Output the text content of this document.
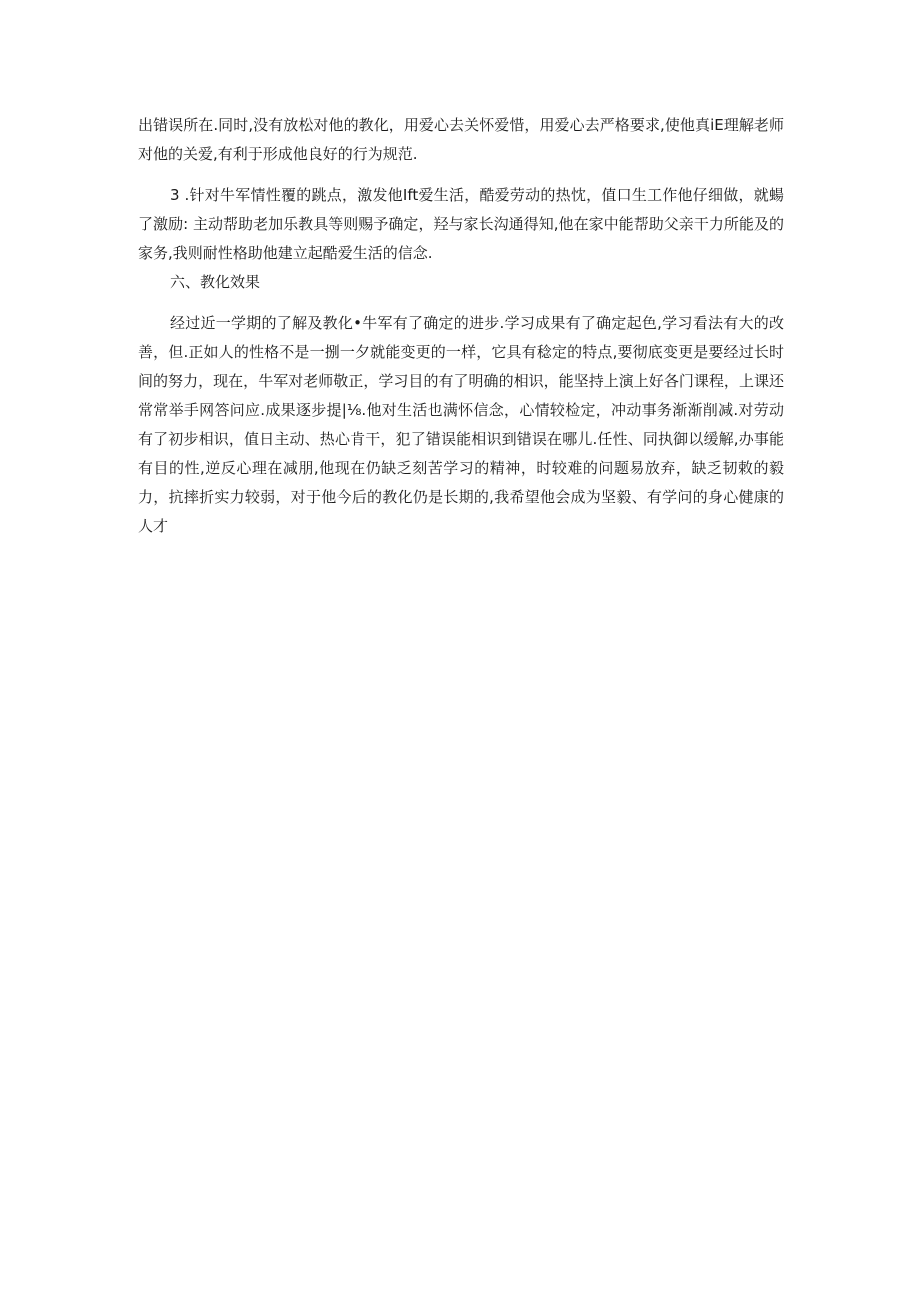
出错误所在.同时,没有放松对他的教化，用爱心去关怀爱惜，用爱心去严格要求,使他真iE理解老师对他的关爱,有利于形成他良好的行为规范.

3 .针对牛军情性覆的跳点，激发他Ift爱生活，酷爱劳动的热忱，值口生工作他仔细做，就蝪了激励: 主动帮助老加乐教具等则赐予确定，羟与家长沟通得知,他在家中能帮助父亲干力所能及的家务,我则耐性格助他建立起酷爱生活的信念.

六、教化效果

经过近一学期的了解及教化•牛军有了确定的进步.学习成果有了确定起色,学习看法有大的改善，但.正如人的性格不是一捌一夕就能变更的一样，它具有稔定的特点,要彻底变更是要经过长时间的努力，现在，牛军对老师敬正，学习目的有了明确的相识，能坚持上演上好各门课程，上课还常常举手网答问应.成果逐步提|⅛.他对生活也满怀信念，心情较检定，冲动事务渐渐削减.对劳动有了初步相识，值日主动、热心肯干，犯了错误能相识到错误在哪儿.任性、同执御以缓解,办事能有目的性,逆反心理在减朋,他现在仍缺乏刻苦学习的精神，时较难的问题易放弃，缺乏韧敕的毅力，抗摔折实力较弱，对于他今后的教化仍是长期的,我希望他会成为坚毅、有学问的身心健康的人才
